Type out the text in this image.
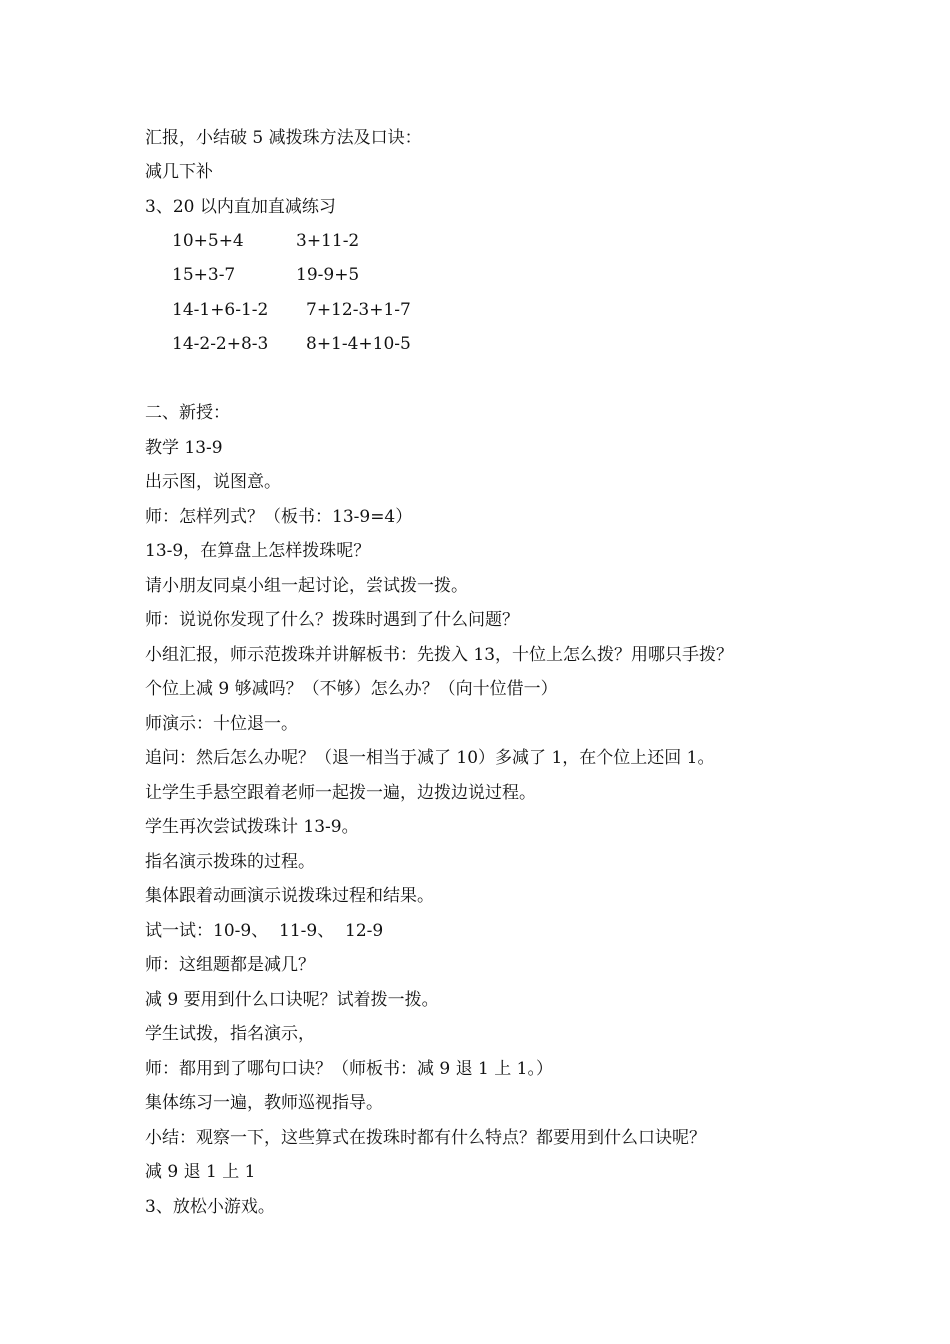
汇报，小结破 5 减拨珠方法及口诀：
减几下补
3、20 以内直加直减练习
10+5+4	3+11-2
15+3-7	19-9+5
14-1+6-1-2 7+12-3+1-7
14-2-2+8-3 8+1-4+10-5
二、新授：
教学 13-9
出示图，说图意。
师：怎样列式？（板书：13-9=4）
13-9，在算盘上怎样拨珠呢？
请小朋友同桌小组一起讨论，尝试拨一拨。
师：说说你发现了什么？拨珠时遇到了什么问题？
小组汇报，师示范拨珠并讲解板书：先拨入 13，十位上怎么拨？用哪只手拨？
个位上减 9 够减吗？（不够）怎么办？（向十位借一）
师演示：十位退一。
追问：然后怎么办呢？（退一相当于减了 10）多减了 1，在个位上还回 1。
让学生手悬空跟着老师一起拨一遍，边拨边说过程。
学生再次尝试拨珠计 13-9。
指名演示拨珠的过程。
集体跟着动画演示说拨珠过程和结果。
试一试：10-9、  11-9、  12-9
师：这组题都是减几？
减 9 要用到什么口诀呢？试着拨一拨。
学生试拨，指名演示，
师：都用到了哪句口诀？（师板书：减 9 退 1 上 1。）
集体练习一遍，教师巡视指导。
小结：观察一下，这些算式在拨珠时都有什么特点？都要用到什么口诀呢？
减 9 退 1 上 1
3、放松小游戏。
